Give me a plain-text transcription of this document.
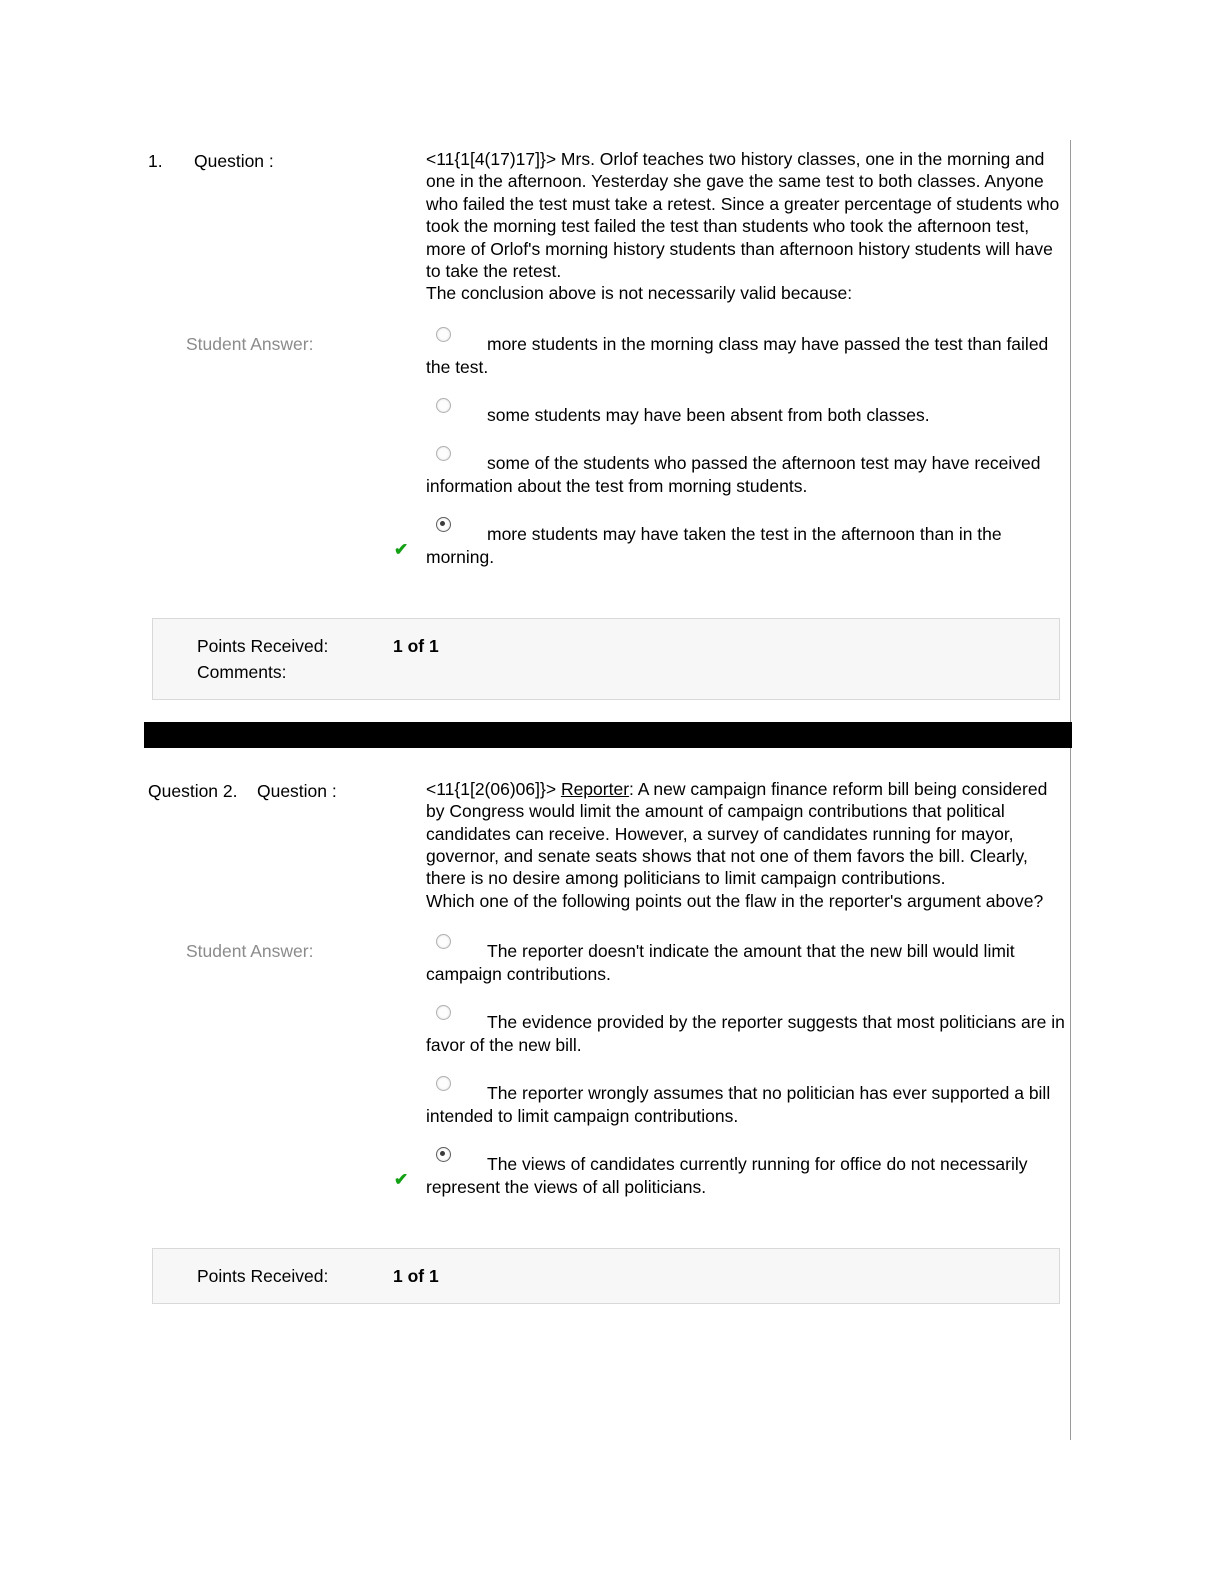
1.	Question :	<11{1[4(17)17]}> Mrs. Orlof teaches two history classes, one in the morning and one in the afternoon. Yesterday she gave the same test to both classes. Anyone who failed the test must take a retest. Since a greater percentage of students who took the morning test failed the test than students who took the afternoon test, more of Orlof's morning history students than afternoon history students will have to take the retest.

The conclusion above is not necessarily valid because:

Student Answer:	more students in the morning class may have passed the test than failed the test.
some students may have been absent from both classes.
some of the students who passed the afternoon test may have received information about the test from morning students.
✔
more students may have taken the test in the afternoon than in the morning.
Points Received:	1 of 1
Comments:
Question 2. Question :	<11{1[2(06)06]}> Reporter: A new campaign finance reform bill being considered by Congress would limit the amount of campaign contributions that political candidates can receive. However, a survey of candidates running for mayor, governor, and senate seats shows that not one of them favors the bill. Clearly, there is no desire among politicians to limit campaign contributions.

Which one of the following points out the flaw in the reporter's argument above?

Student Answer:	The reporter doesn't indicate the amount that the new bill would limit campaign contributions.
The evidence provided by the reporter suggests that most politicians are in favor of the new bill.
The reporter wrongly assumes that no politician has ever supported a bill intended to limit campaign contributions.
✔
The views of candidates currently running for office do not necessarily represent the views of all politicians.
Points Received:	1 of 1
